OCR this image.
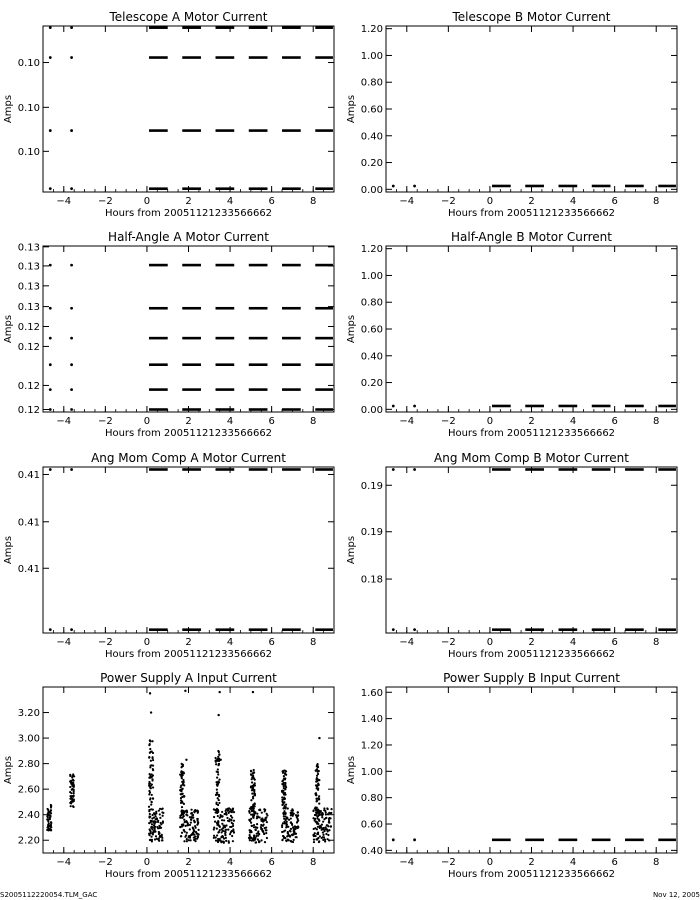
Telescope A Motor Current
−4	−2	0	2	4	6	8
Hours from 20051121233566662
0.10
0.10
0.10
Amps
Telescope B Motor Current
−4	−2	0	2	4	6	8
Hours from 20051121233566662
0.00
0.20
0.40
0.60
0.80
1.00
1.20
Amps
Half-Angle A Motor Current
−4	−2	0	2	4	6	8
Hours from 20051121233566662
0.13
0.13
0.13
0.13
0.12
0.12
0.12
0.12
Amps
Half-Angle B Motor Current
−4	−2	0	2	4	6	8
Hours from 20051121233566662
0.00
0.20
0.40
0.60
0.80
1.00
1.20
Amps
Ang Mom Comp A Motor Current
−4	−2	0	2	4	6	8
Hours from 20051121233566662
0.41
0.41
0.41
Amps
Ang Mom Comp B Motor Current
−4	−2	0	2	4	6	8
Hours from 20051121233566662
0.19
0.19
0.18
Amps
Power Supply A Input Current
−4	−2	0	2	4	6	8
Hours from 20051121233566662
2.20
2.40
2.60
2.80
3.00
3.20
Amps
Power Supply B Input Current
−4	−2	0	2	4	6	8
Hours from 20051121233566662
0.40
0.60
0.80
1.00
1.20
1.40
1.60
Amps
S2005112220054.TLM_GAC	Nov 12, 2005
